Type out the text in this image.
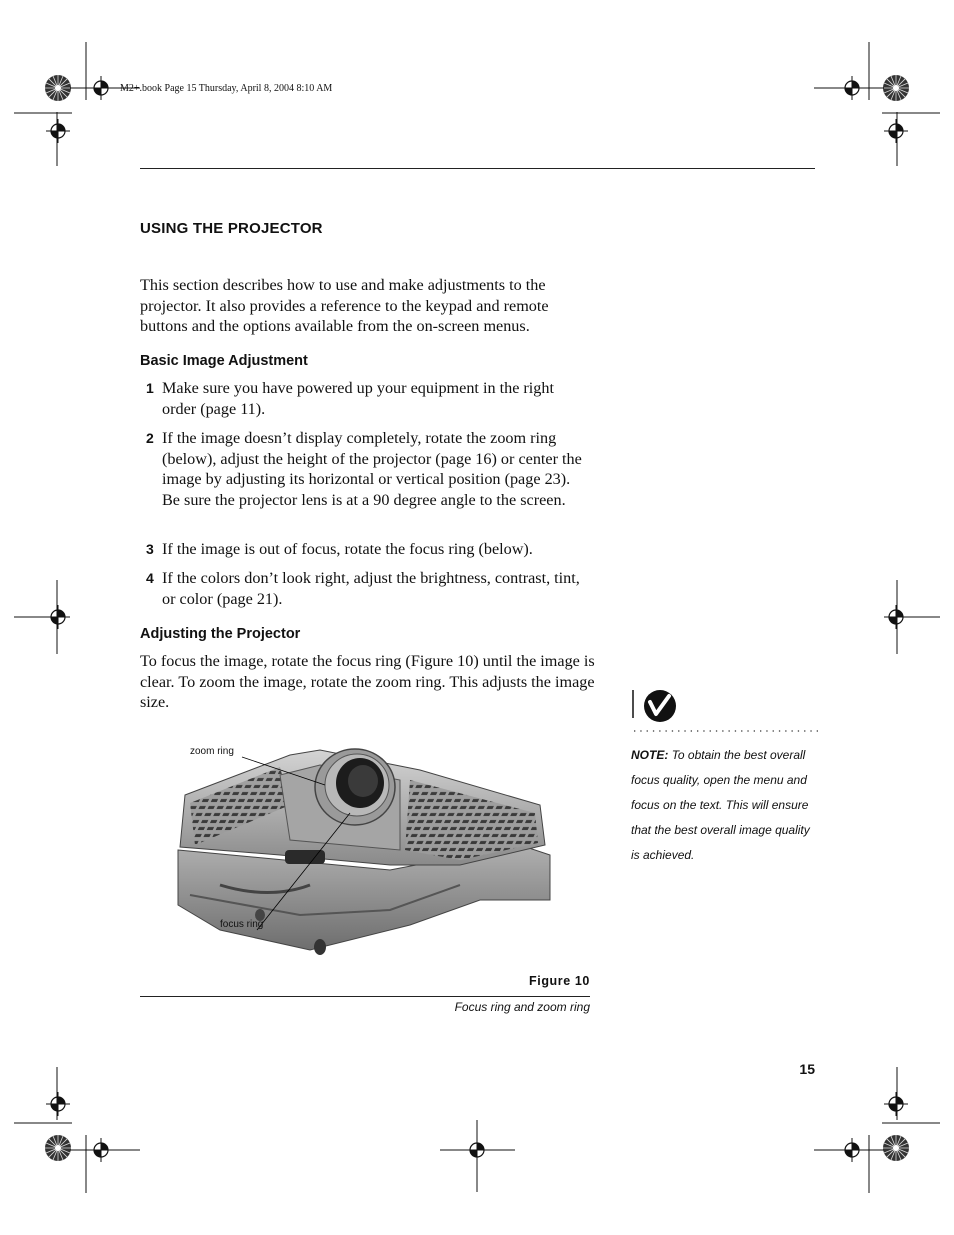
M2+.book Page 15 Thursday, April 8, 2004 8:10 AM
USING THE PROJECTOR
This section describes how to use and make adjustments to the projector. It also provides a reference to the keypad and remote buttons and the options available from the on-screen menus.
Basic Image Adjustment
1 Make sure you have powered up your equipment in the right order (page 11).
2 If the image doesn’t display completely, rotate the zoom ring (below), adjust the height of the projector (page 16) or center the image by adjusting its horizontal or vertical position (page 23). Be sure the projector lens is at a 90 degree angle to the screen.
3 If the image is out of focus, rotate the focus ring (below).
4 If the colors don’t look right, adjust the brightness, contrast, tint, or color (page 21).
Adjusting the Projector
To focus the image, rotate the focus ring (Figure 10) until the image is clear. To zoom the image, rotate the zoom ring. This adjusts the image size.
zoom ring
focus ring
Figure 10
Focus ring and zoom ring
NOTE: To obtain the best overall focus quality, open the menu and focus on the text. This will ensure that the best overall image quality is achieved.
15
